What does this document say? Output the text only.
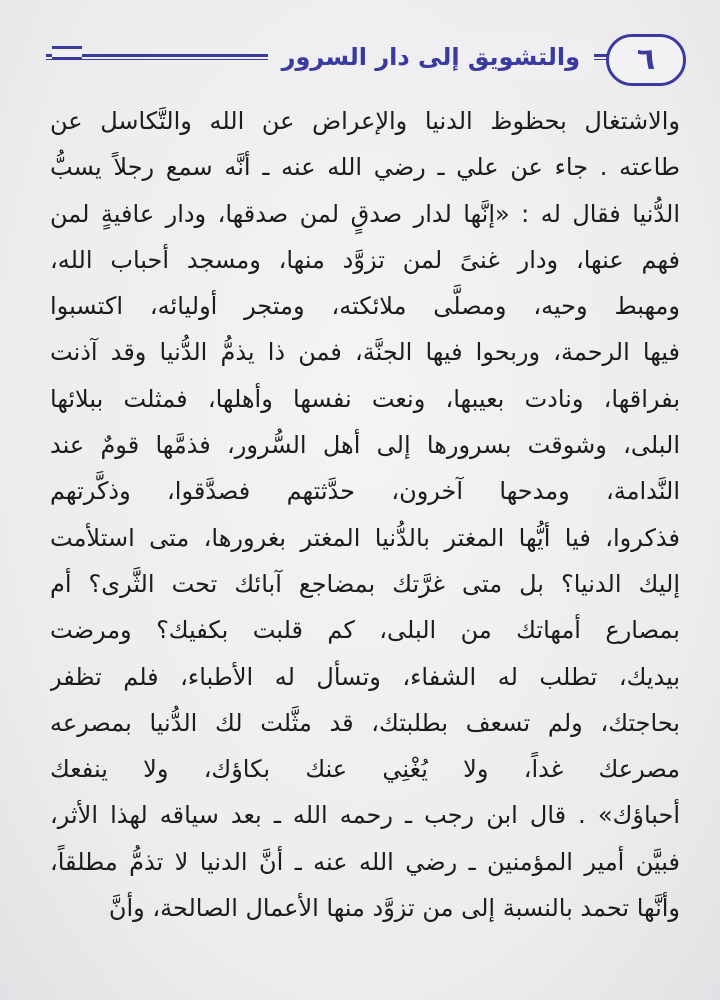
والتشويق إلى دار السرور	٦
والاشتغال بحظوظ الدنيا والإعراض عن الله والتَّكاسل عن
طاعته . جاء عن علي ـ رضي الله عنه ـ أنَّه سمع رجلاً يسبُّ
الدُّنيا فقال له : «إنَّها لدار صدقٍ لمن صدقها، ودار عافيةٍ لمن
فهم عنها، ودار غنىً لمن تزوَّد منها، ومسجد أحباب الله،
ومهبط وحيه، ومصلَّى ملائكته، ومتجر أوليائه، اكتسبوا
فيها الرحمة، وربحوا فيها الجنَّة، فمن ذا يذمُّ الدُّنيا وقد آذنت
بفراقها، ونادت بعيبها، ونعت نفسها وأهلها، فمثلت ببلائها
البلى، وشوقت بسرورها إلى أهل السُّرور، فذمَّها قومٌ عند
النَّدامة، ومدحها آخرون، حدَّثتهم فصدَّقوا، وذكَّرتهم
فذكروا، فيا أيُّها المغتر بالدُّنيا المغتر بغرورها، متى استلأمت
إليك الدنيا؟ بل متى غرَّتك بمضاجع آبائك تحت الثَّرى؟ أم
بمصارع أمهاتك من البلى، كم قلبت بكفيك؟ ومرضت
بيديك، تطلب له الشفاء، وتسأل له الأطباء، فلم تظفر
بحاجتك، ولم تسعف بطلبتك، قد مثَّلت لك الدُّنيا بمصرعه
مصرعك غداً، ولا يُغْنِي عنك بكاؤك، ولا ينفعك
أحباؤك» . قال ابن رجب ـ رحمه الله ـ بعد سياقه لهذا الأثر،
فبيَّن أمير المؤمنين ـ رضي الله عنه ـ أنَّ الدنيا لا تذمُّ مطلقاً،
وأنَّها تحمد بالنسبة إلى من تزوَّد منها الأعمال الصالحة، وأنَّ
